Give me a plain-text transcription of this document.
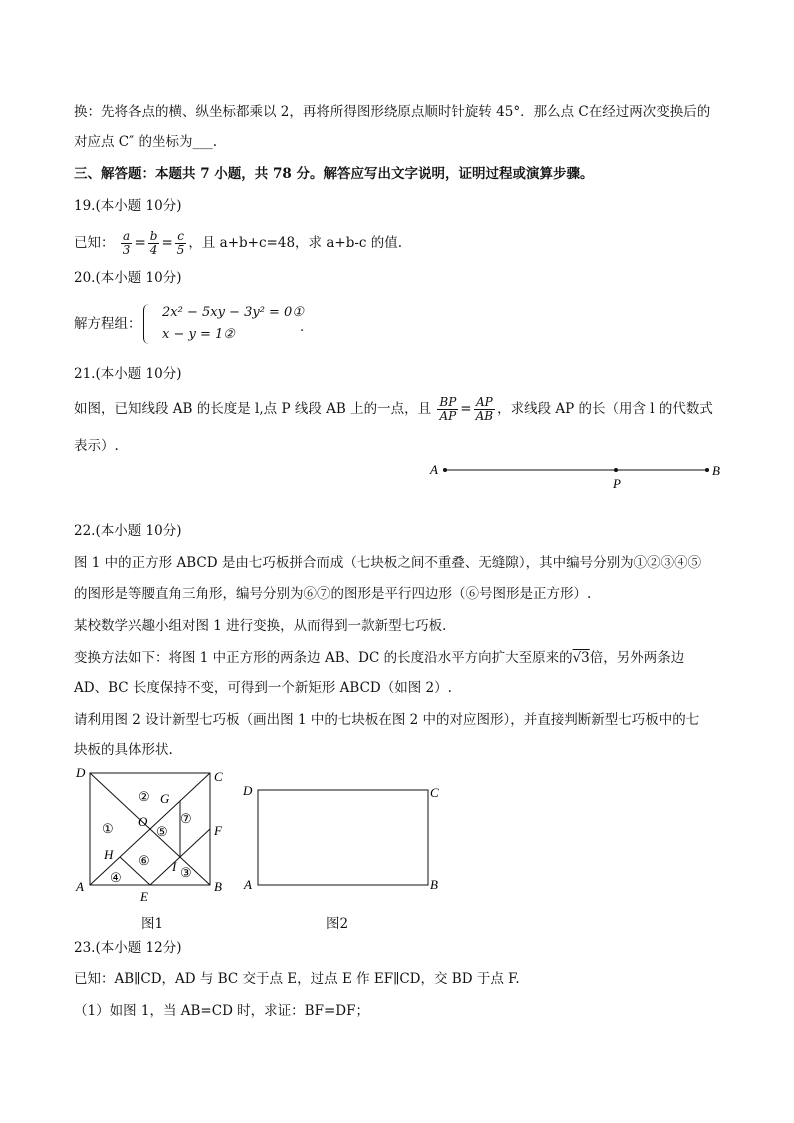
换：先将各点的横、纵坐标都乘以 2，再将所得图形绕原点顺时针旋转 45°．那么点 C在经过两次变换后的
对应点 C″ 的坐标为___.
三、解答题：本题共 7 小题，共 78 分。解答应写出文字说明，证明过程或演算步骤。
19.(本小题 10分)
已知： $\frac{a}{3} = \frac{b}{4} = \frac{c}{5}$ ，且 a+b+c=48，求 a+b-c 的值.
20.(本小题 10分)
解方程组：
2x² − 5xy − 3y² = 0①
x − y = 1②	.
21.(本小题 10分)
如图，已知线段 AB 的长度是 l,点 P 线段 AB 上的一点，且 $\frac{BP}{AP} = \frac{AP}{AB}$ ，求线段 AP 的长（用含 l 的代数式
表示）.
A
P
B
22.(本小题 10分)
图 1 中的正方形 ABCD 是由七巧板拼合而成（七块板之间不重叠、无缝隙），其中编号分别为①②③④⑤
的图形是等腰直角三角形，编号分别为⑥⑦的图形是平行四边形（⑥号图形是正方形）.
某校数学兴趣小组对图 1 进行变换，从而得到一款新型七巧板.
变换方法如下：将图 1 中正方形的两条边 AB、DC 的长度沿水平方向扩大至原来的√3倍，另外两条边
AD、BC 长度保持不变，可得到一个新矩形 ABCD（如图 2）.
请利用图 2 设计新型七巧板（画出图 1 中的七块板在图 2 中的对应图形），并直接判断新型七巧板中的七
块板的具体形状.
D	C
A	B
E
F
G
H
I
O
①
②
③
④
⑤
⑥
⑦
图1
D	C
A	B
图2
23.(本小题 12分)
已知：AB∥CD，AD 与 BC 交于点 E，过点 E 作 EF∥CD，交 BD 于点 F.
（1）如图 1，当 AB=CD 时，求证：BF=DF；
